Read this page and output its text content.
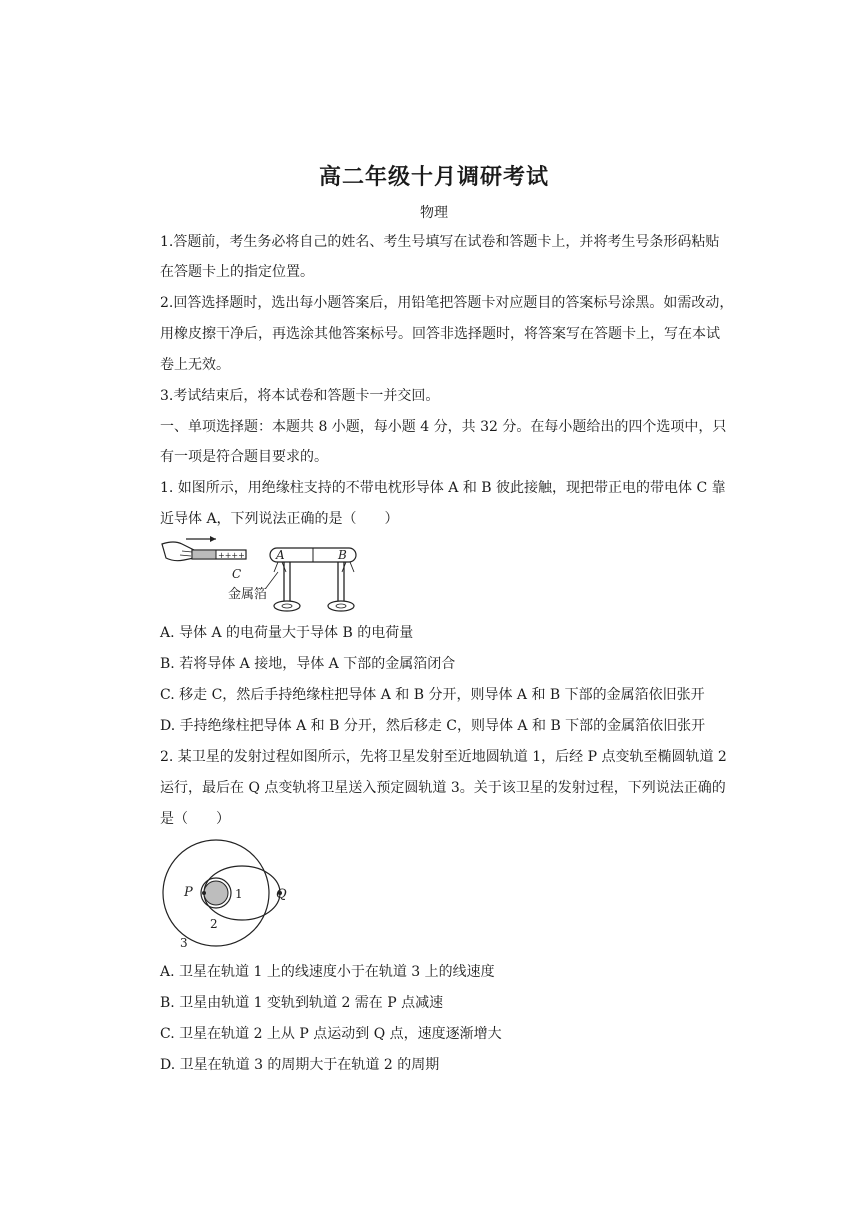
高二年级十月调研考试
物理
1.答题前，考生务必将自己的姓名、考生号填写在试卷和答题卡上，并将考生号条形码粘贴
在答题卡上的指定位置。
2.回答选择题时，选出每小题答案后，用铅笔把答题卡对应题目的答案标号涂黑。如需改动，
用橡皮擦干净后，再选涂其他答案标号。回答非选择题时，将答案写在答题卡上，写在本试
卷上无效。
3.考试结束后，将本试卷和答题卡一并交回。
一、单项选择题：本题共 8 小题，每小题 4 分，共 32 分。在每小题给出的四个选项中，只
有一项是符合题目要求的。
1. 如图所示，用绝缘柱支持的不带电枕形导体 A 和 B 彼此接触，现把带正电的带电体 C 靠
近导体 A，下列说法正确的是（　　）
++++
C
A	B
金属箔
A. 导体 A 的电荷量大于导体 B 的电荷量
B. 若将导体 A 接地，导体 A 下部的金属箔闭合
C. 移走 C，然后手持绝缘柱把导体 A 和 B 分开，则导体 A 和 B 下部的金属箔依旧张开
D. 手持绝缘柱把导体 A 和 B 分开，然后移走 C，则导体 A 和 B 下部的金属箔依旧张开
2. 某卫星的发射过程如图所示，先将卫星发射至近地圆轨道 1，后经 P 点变轨至椭圆轨道 2
运行，最后在 Q 点变轨将卫星送入预定圆轨道 3。关于该卫星的发射过程，下列说法正确的
是（　　）
P	Q
1
2
3
A. 卫星在轨道 1 上的线速度小于在轨道 3 上的线速度
B. 卫星由轨道 1 变轨到轨道 2 需在 P 点减速
C. 卫星在轨道 2 上从 P 点运动到 Q 点，速度逐渐增大
D. 卫星在轨道 3 的周期大于在轨道 2 的周期
